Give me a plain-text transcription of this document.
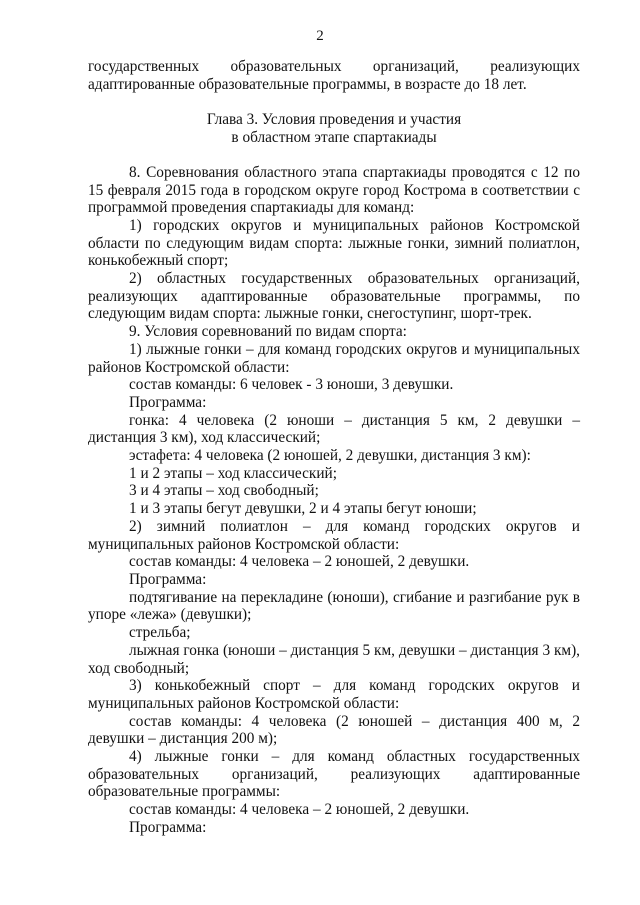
2

государственных образовательных организаций, реализующих адаптированные образовательные программы, в возрасте до 18 лет.

Глава 3. Условия проведения и участия
в областном этапе спартакиады

8. Соревнования областного этапа спартакиады проводятся с 12 по 15 февраля 2015 года в городском округе город Кострома в соответствии с программой проведения спартакиады для команд:

1) городских округов и муниципальных районов Костромской области по следующим видам спорта: лыжные гонки, зимний полиатлон, конькобежный спорт;

2) областных государственных образовательных организаций, реализующих адаптированные образовательные программы, по следующим видам спорта: лыжные гонки, снегоступинг, шорт-трек.

9. Условия соревнований по видам спорта:

1) лыжные гонки – для команд городских округов и муниципальных районов Костромской области:

состав команды: 6 человек - 3 юноши, 3 девушки.

Программа:

гонка: 4 человека (2 юноши – дистанция 5 км, 2 девушки – дистанция 3 км), ход классический;

эстафета: 4 человека (2 юношей, 2 девушки, дистанция 3 км):

1 и 2 этапы – ход классический;

3 и 4 этапы – ход свободный;

1 и 3 этапы бегут девушки, 2 и 4 этапы бегут юноши;

2) зимний полиатлон – для команд городских округов и муниципальных районов Костромской области:

состав команды: 4 человека – 2 юношей, 2 девушки.

Программа:

подтягивание на перекладине (юноши), сгибание и разгибание рук в упоре «лежа» (девушки);

стрельба;

лыжная гонка (юноши – дистанция 5 км, девушки – дистанция 3 км), ход свободный;

3) конькобежный спорт – для команд городских округов и муниципальных районов Костромской области:

состав команды: 4 человека (2 юношей – дистанция 400 м, 2 девушки – дистанция 200 м);

4) лыжные гонки – для команд областных государственных образовательных организаций, реализующих адаптированные образовательные программы:

состав команды: 4 человека – 2 юношей, 2 девушки.

Программа:
